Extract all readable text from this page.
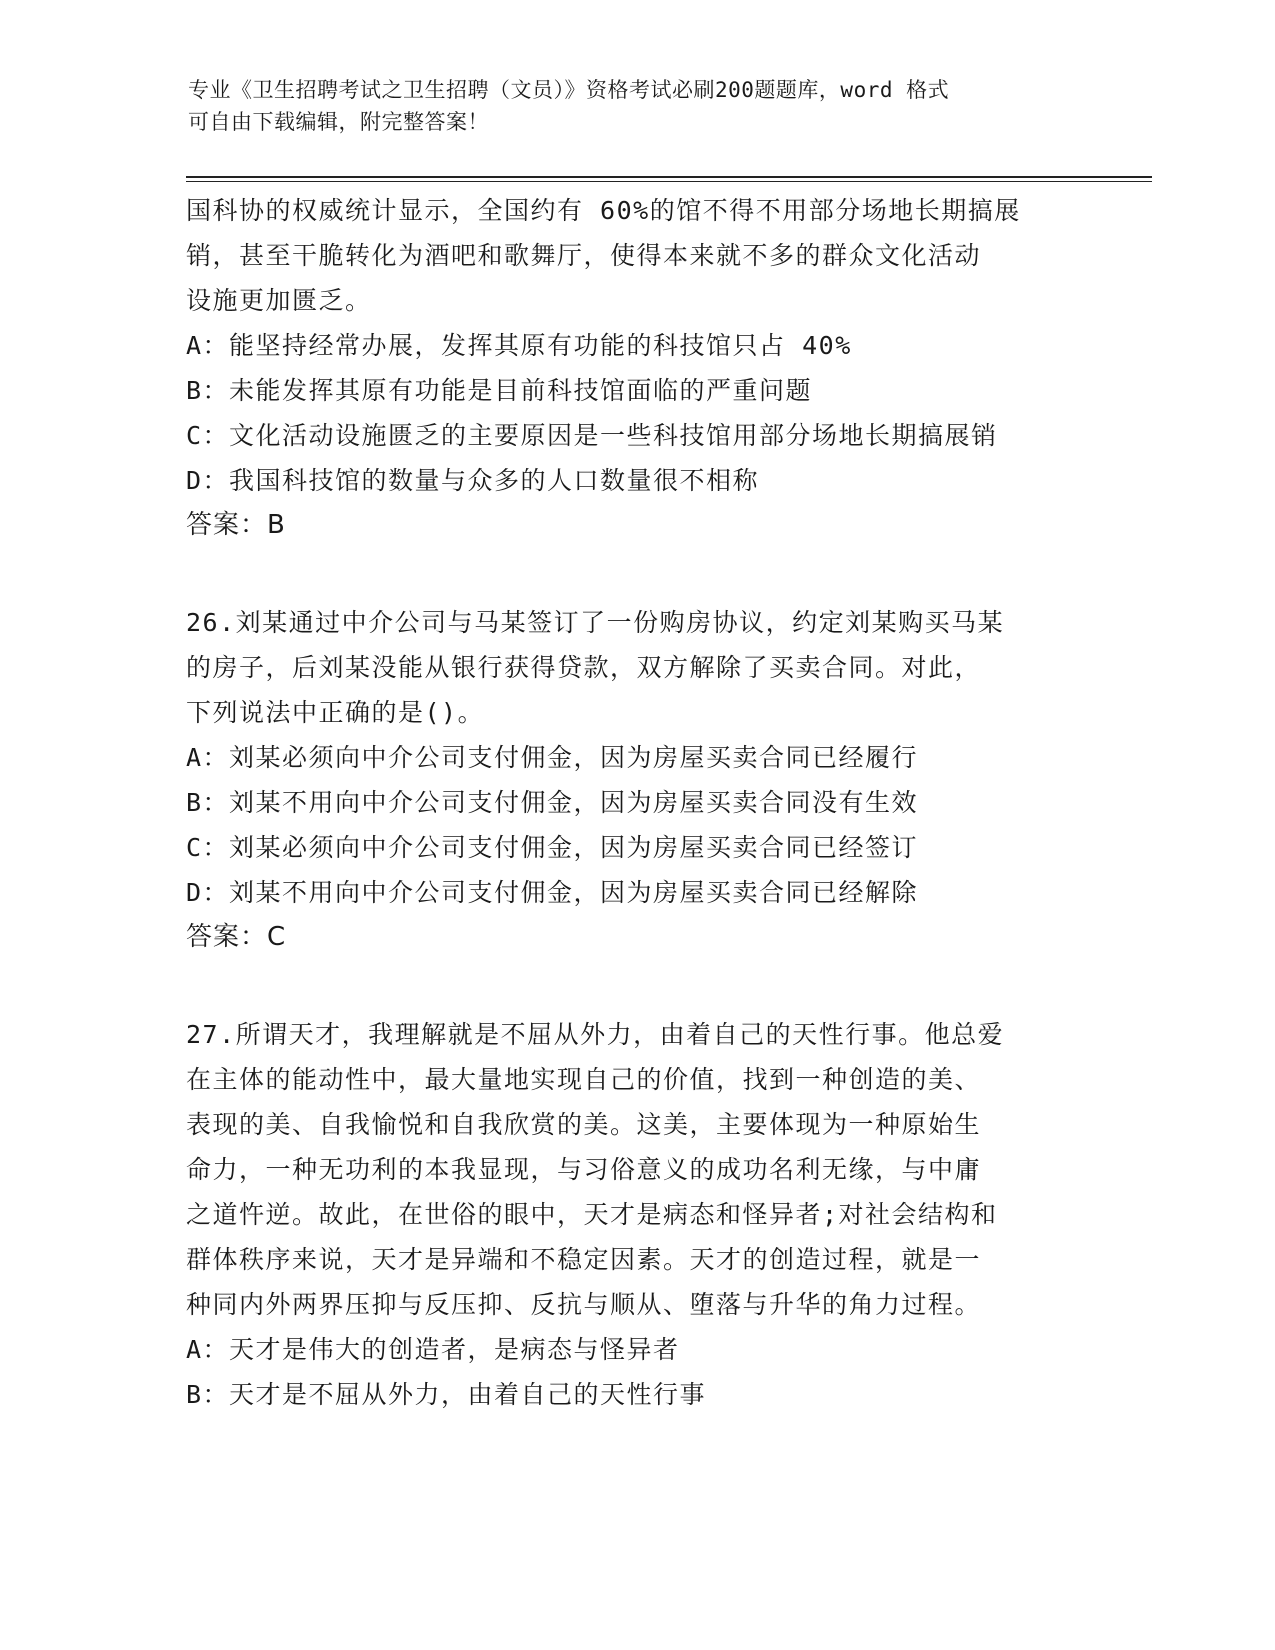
专业《卫生招聘考试之卫生招聘（文员）》资格考试必刷200题题库，word 格式
可自由下载编辑，附完整答案！
国科协的权威统计显示，全国约有 60%的馆不得不用部分场地长期搞展
销，甚至干脆转化为酒吧和歌舞厅，使得本来就不多的群众文化活动
设施更加匮乏。
A：能坚持经常办展，发挥其原有功能的科技馆只占 40%
B：未能发挥其原有功能是目前科技馆面临的严重问题
C：文化活动设施匮乏的主要原因是一些科技馆用部分场地长期搞展销
D：我国科技馆的数量与众多的人口数量很不相称
答案：B
26.刘某通过中介公司与马某签订了一份购房协议，约定刘某购买马某
的房子，后刘某没能从银行获得贷款，双方解除了买卖合同。对此，
下列说法中正确的是()。
A：刘某必须向中介公司支付佣金，因为房屋买卖合同已经履行
B：刘某不用向中介公司支付佣金，因为房屋买卖合同没有生效
C：刘某必须向中介公司支付佣金，因为房屋买卖合同已经签订
D：刘某不用向中介公司支付佣金，因为房屋买卖合同已经解除
答案：C
27.所谓天才，我理解就是不屈从外力，由着自己的天性行事。他总爱
在主体的能动性中，最大量地实现自己的价值，找到一种创造的美、
表现的美、自我愉悦和自我欣赏的美。这美，主要体现为一种原始生
命力，一种无功利的本我显现，与习俗意义的成功名利无缘，与中庸
之道忤逆。故此，在世俗的眼中，天才是病态和怪异者;对社会结构和
群体秩序来说，天才是异端和不稳定因素。天才的创造过程，就是一
种同内外两界压抑与反压抑、反抗与顺从、堕落与升华的角力过程。
A：天才是伟大的创造者，是病态与怪异者
B：天才是不屈从外力，由着自己的天性行事
